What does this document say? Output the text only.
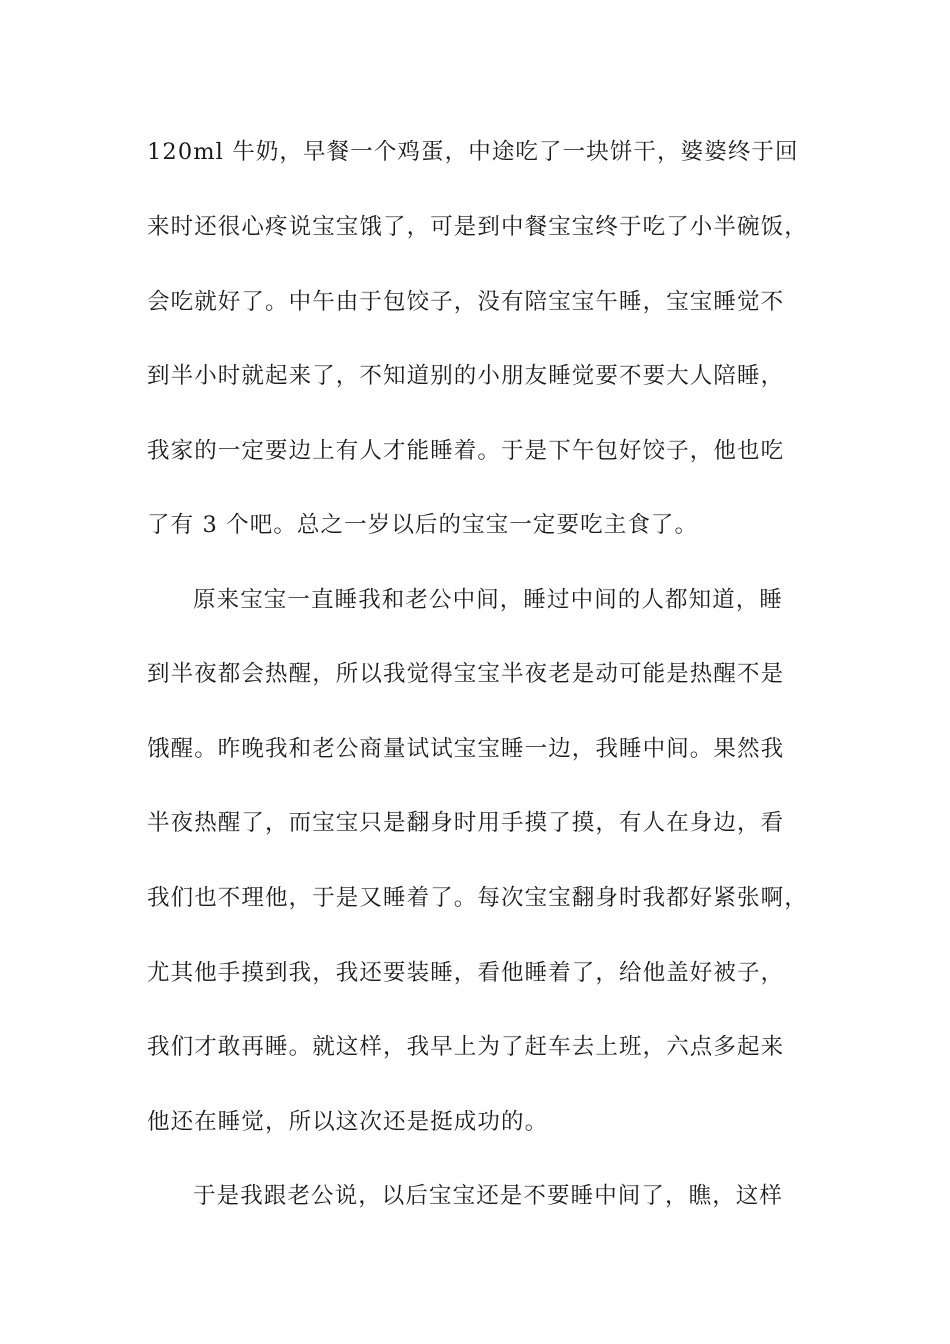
120ml 牛奶，早餐一个鸡蛋，中途吃了一块饼干，婆婆终于回
来时还很心疼说宝宝饿了，可是到中餐宝宝终于吃了小半碗饭，
会吃就好了。中午由于包饺子，没有陪宝宝午睡，宝宝睡觉不
到半小时就起来了，不知道别的小朋友睡觉要不要大人陪睡，
我家的一定要边上有人才能睡着。于是下午包好饺子，他也吃
了有 3 个吧。总之一岁以后的宝宝一定要吃主食了。
原来宝宝一直睡我和老公中间，睡过中间的人都知道，睡
到半夜都会热醒，所以我觉得宝宝半夜老是动可能是热醒不是
饿醒。昨晚我和老公商量试试宝宝睡一边，我睡中间。果然我
半夜热醒了，而宝宝只是翻身时用手摸了摸，有人在身边，看
我们也不理他，于是又睡着了。每次宝宝翻身时我都好紧张啊，
尤其他手摸到我，我还要装睡，看他睡着了，给他盖好被子，
我们才敢再睡。就这样，我早上为了赶车去上班，六点多起来
他还在睡觉，所以这次还是挺成功的。
于是我跟老公说，以后宝宝还是不要睡中间了，瞧，这样
